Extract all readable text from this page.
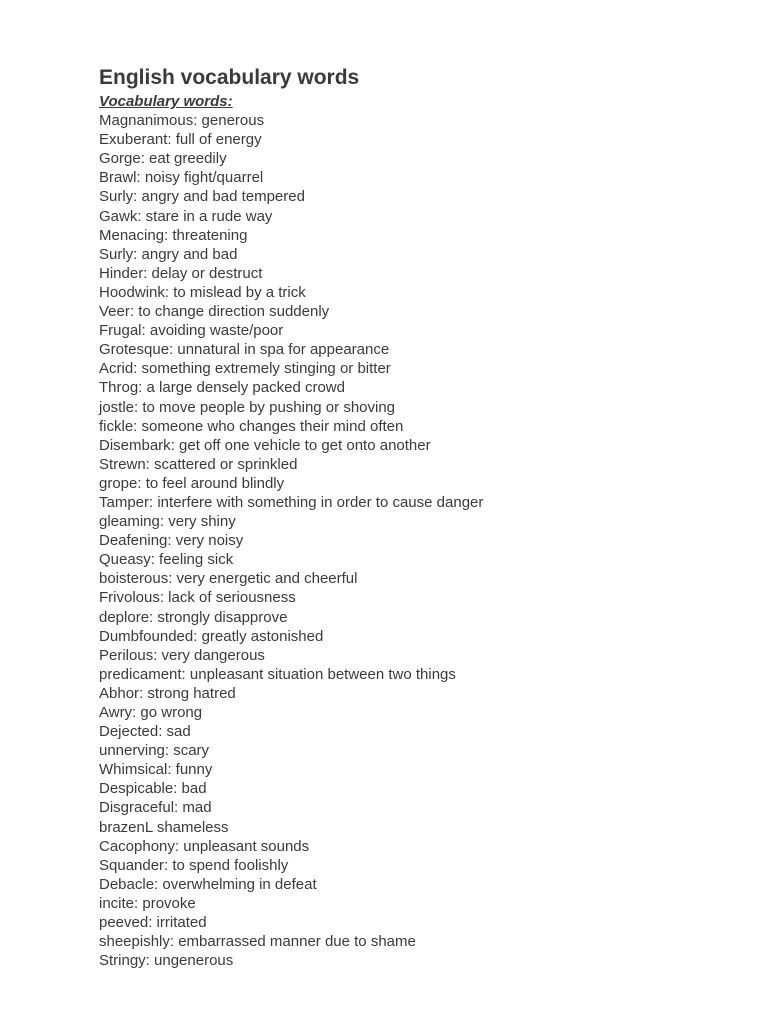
English vocabulary words
Vocabulary words:
Magnanimous: generous
Exuberant: full of energy
Gorge: eat greedily
Brawl: noisy fight/quarrel
Surly: angry and bad tempered
Gawk: stare in a rude way
Menacing: threatening
Surly: angry and bad
Hinder: delay or destruct
Hoodwink: to mislead by a trick
Veer: to change direction suddenly
Frugal: avoiding waste/poor
Grotesque: unnatural in spa for appearance
Acrid: something extremely stinging or bitter
Throg: a large densely packed crowd
jostle: to move people by pushing or shoving
fickle: someone who changes their mind often
Disembark: get off one vehicle to get onto another
Strewn: scattered or sprinkled
grope: to feel around blindly
Tamper: interfere with something in order to cause danger
gleaming: very shiny
Deafening: very noisy
Queasy: feeling sick
boisterous: very energetic and cheerful
Frivolous: lack of seriousness
deplore: strongly disapprove
Dumbfounded: greatly astonished
Perilous: very dangerous
predicament: unpleasant situation between two things
Abhor: strong hatred
Awry: go wrong
Dejected: sad
unnerving: scary
Whimsical: funny
Despicable: bad
Disgraceful: mad
brazenL shameless
Cacophony: unpleasant sounds
Squander: to spend foolishly
Debacle: overwhelming in defeat
incite: provoke
peeved: irritated
sheepishly: embarrassed manner due to shame
Stringy: ungenerous
